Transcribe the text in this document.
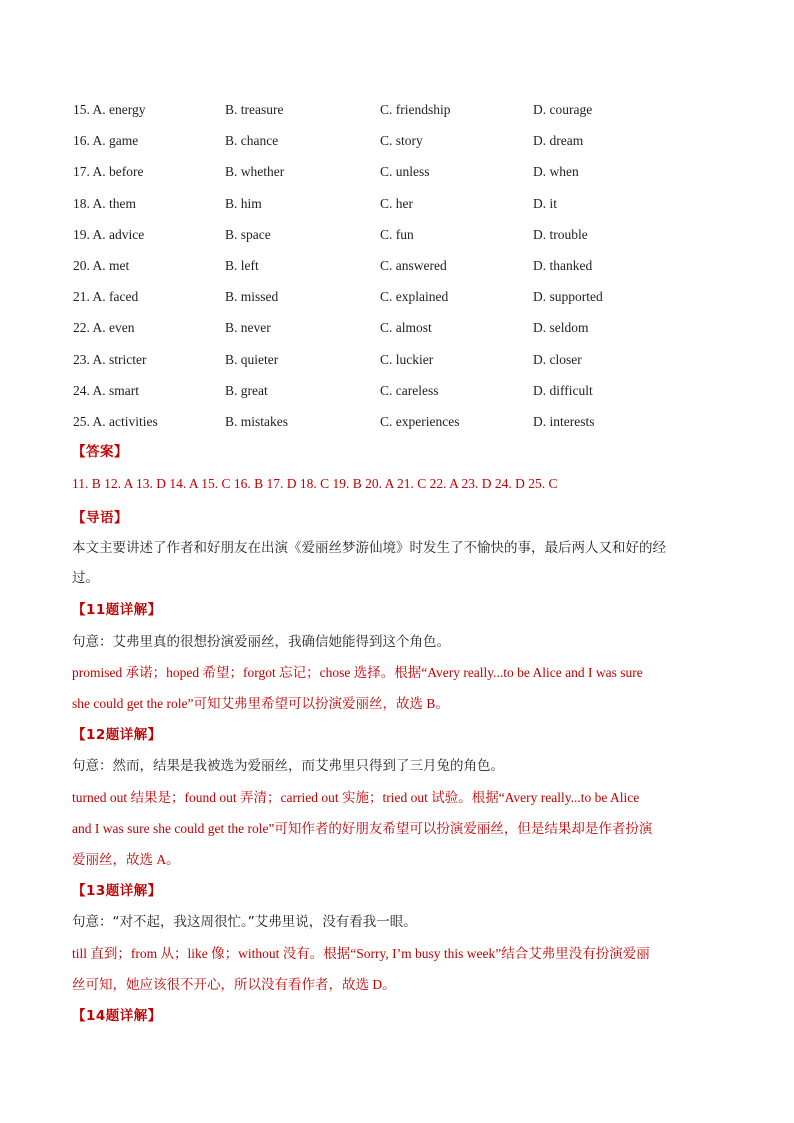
15. A. energy	B. treasure	C. friendship	D. courage
16. A. game	B. chance	C. story	D. dream
17. A. before	B. whether	C. unless	D. when
18. A. them	B. him	C. her	D. it
19. A. advice	B. space	C. fun	D. trouble
20. A. met	B. left	C. answered	D. thanked
21. A. faced	B. missed	C. explained	D. supported
22. A. even	B. never	C. almost	D. seldom
23. A. stricter	B. quieter	C. luckier	D. closer
24. A. smart	B. great	C. careless	D. difficult
25. A. activities	B. mistakes	C. experiences	D. interests
【答案】
11. B 12. A 13. D 14. A 15. C 16. B 17. D 18. C 19. B 20. A 21. C 22. A 23. D 24. D 25. C
【导语】
本文主要讲述了作者和好朋友在出演《爱丽丝梦游仙境》时发生了不愉快的事，最后两人又和好的经
过。
【11题详解】
句意：艾弗里真的很想扮演爱丽丝，我确信她能得到这个角色。
promised 承诺；hoped 希望；forgot 忘记；chose 选择。根据“Avery really...to be Alice and I was sure
she could get the role”可知艾弗里希望可以扮演爱丽丝，故选 B。
【12题详解】
句意：然而，结果是我被选为爱丽丝，而艾弗里只得到了三月兔的角色。
turned out 结果是；found out 弄清；carried out 实施；tried out 试验。根据“Avery really...to be Alice
and I was sure she could get the role”可知作者的好朋友希望可以扮演爱丽丝，但是结果却是作者扮演
爱丽丝，故选 A。
【13题详解】
句意：“对不起，我这周很忙。”艾弗里说，没有看我一眼。
till 直到；from 从；like 像；without 没有。根据“Sorry, I’m busy this week”结合艾弗里没有扮演爱丽
丝可知，她应该很不开心，所以没有看作者，故选 D。
【14题详解】
